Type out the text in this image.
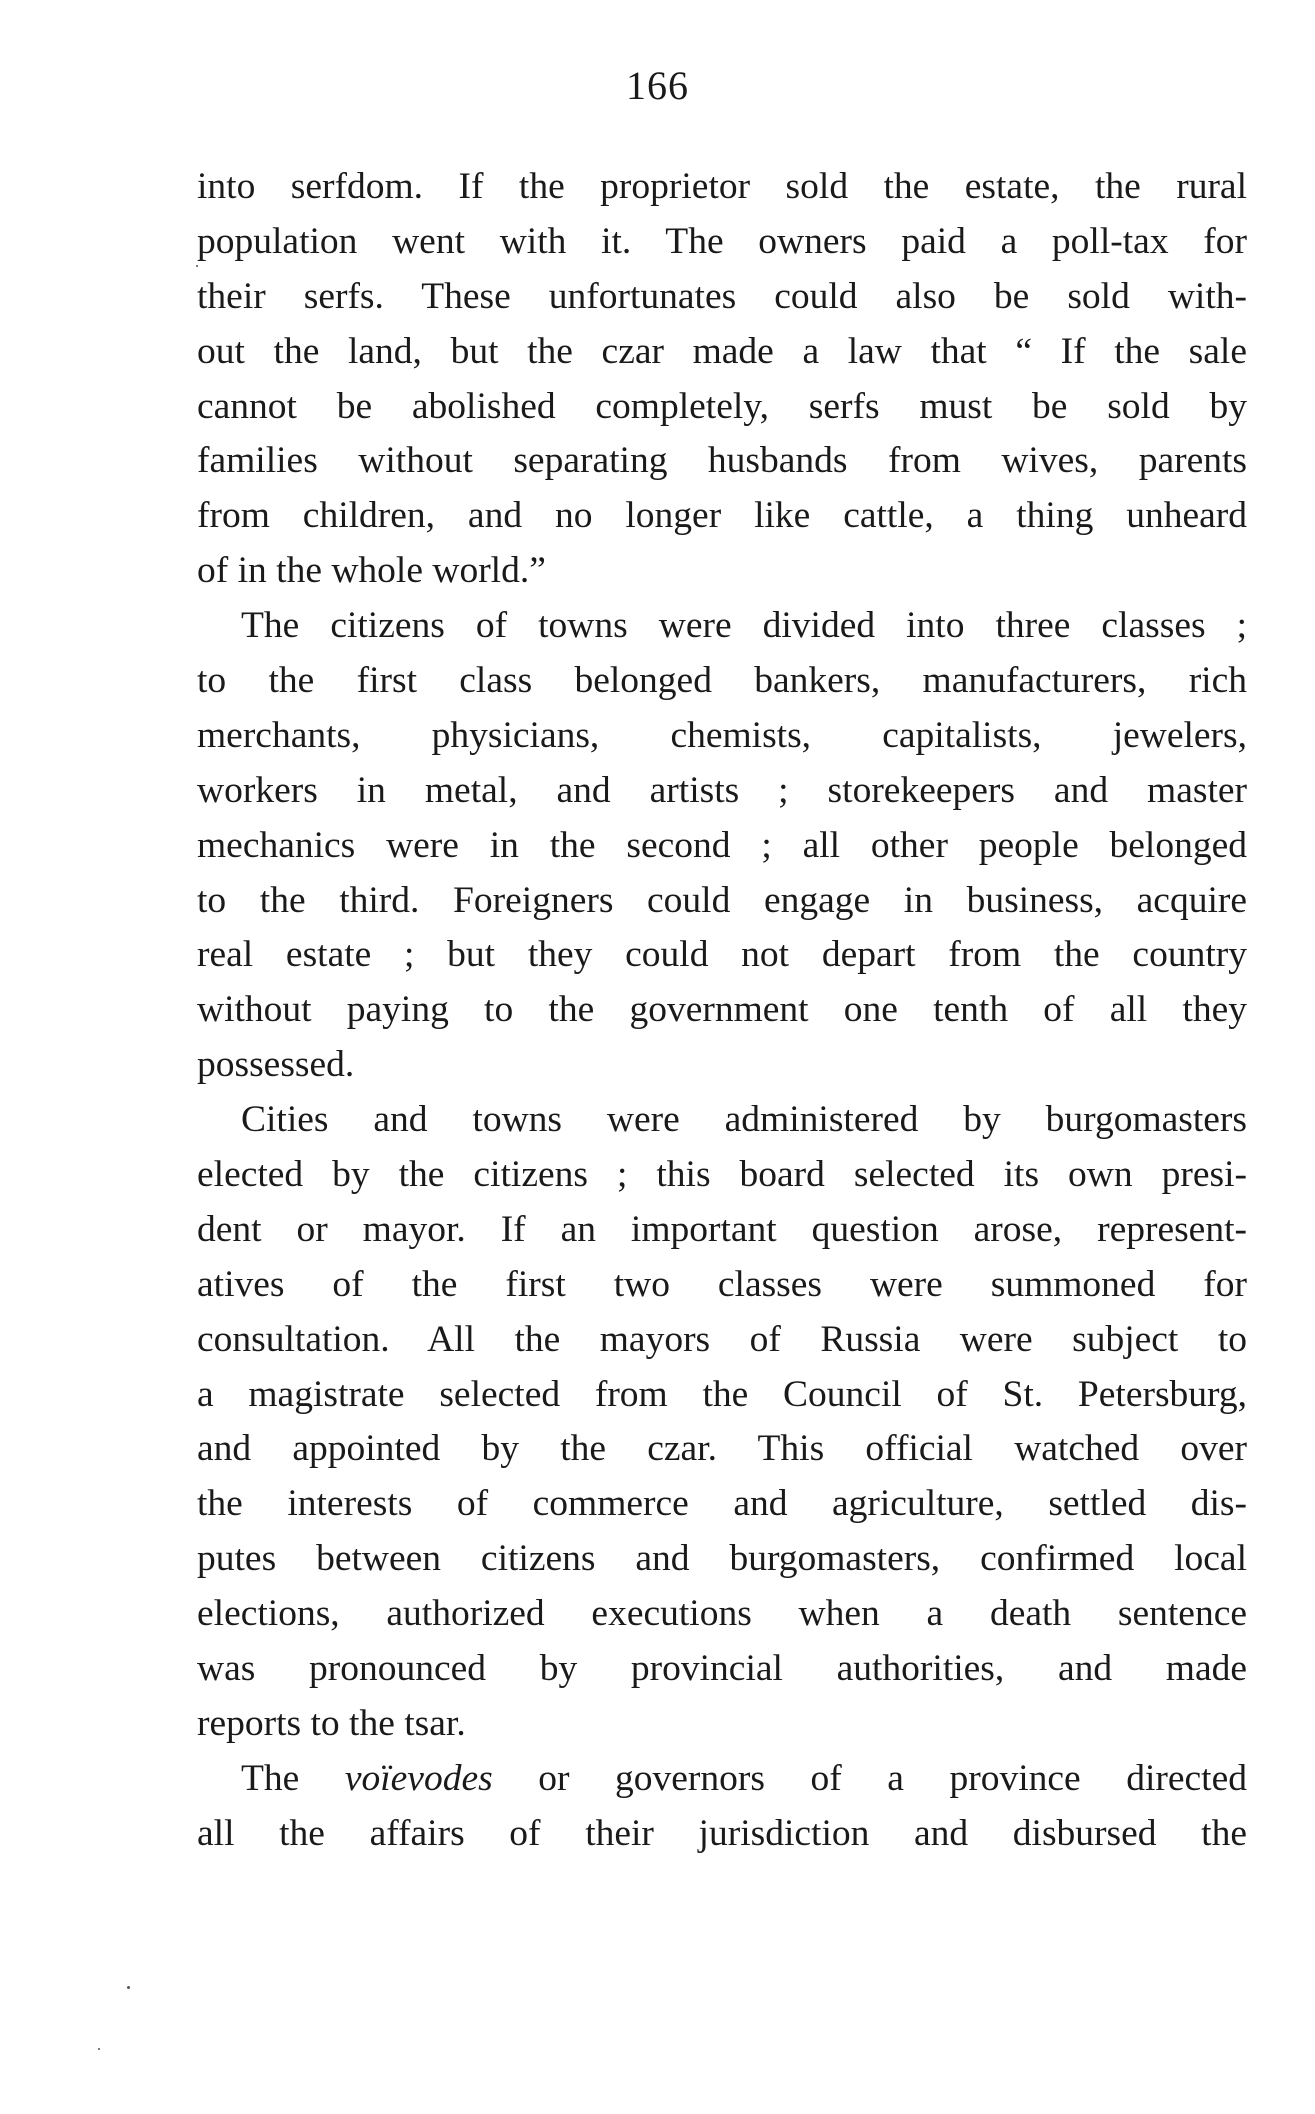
166
into serfdom. If the proprietor sold the estate, the rural
population went with it. The owners paid a poll-tax for
their serfs. These unfortunates could also be sold with-
out the land, but the czar made a law that “ If the sale
cannot be abolished completely, serfs must be sold by
families without separating husbands from wives, parents
from children, and no longer like cattle, a thing unheard
of in the whole world.”
The citizens of towns were divided into three classes ;
to the first class belonged bankers, manufacturers, rich
merchants, physicians, chemists, capitalists, jewelers,
workers in metal, and artists ; storekeepers and master
mechanics were in the second ; all other people belonged
to the third. Foreigners could engage in business, acquire
real estate ; but they could not depart from the country
without paying to the government one tenth of all they
possessed.
Cities and towns were administered by burgomasters
elected by the citizens ; this board selected its own presi-
dent or mayor. If an important question arose, represent-
atives of the first two classes were summoned for
consultation. All the mayors of Russia were subject to
a magistrate selected from the Council of St. Petersburg,
and appointed by the czar. This official watched over
the interests of commerce and agriculture, settled dis-
putes between citizens and burgomasters, confirmed local
elections, authorized executions when a death sentence
was pronounced by provincial authorities, and made
reports to the tsar.
The voïevodes or governors of a province directed
all the affairs of their jurisdiction and disbursed the
